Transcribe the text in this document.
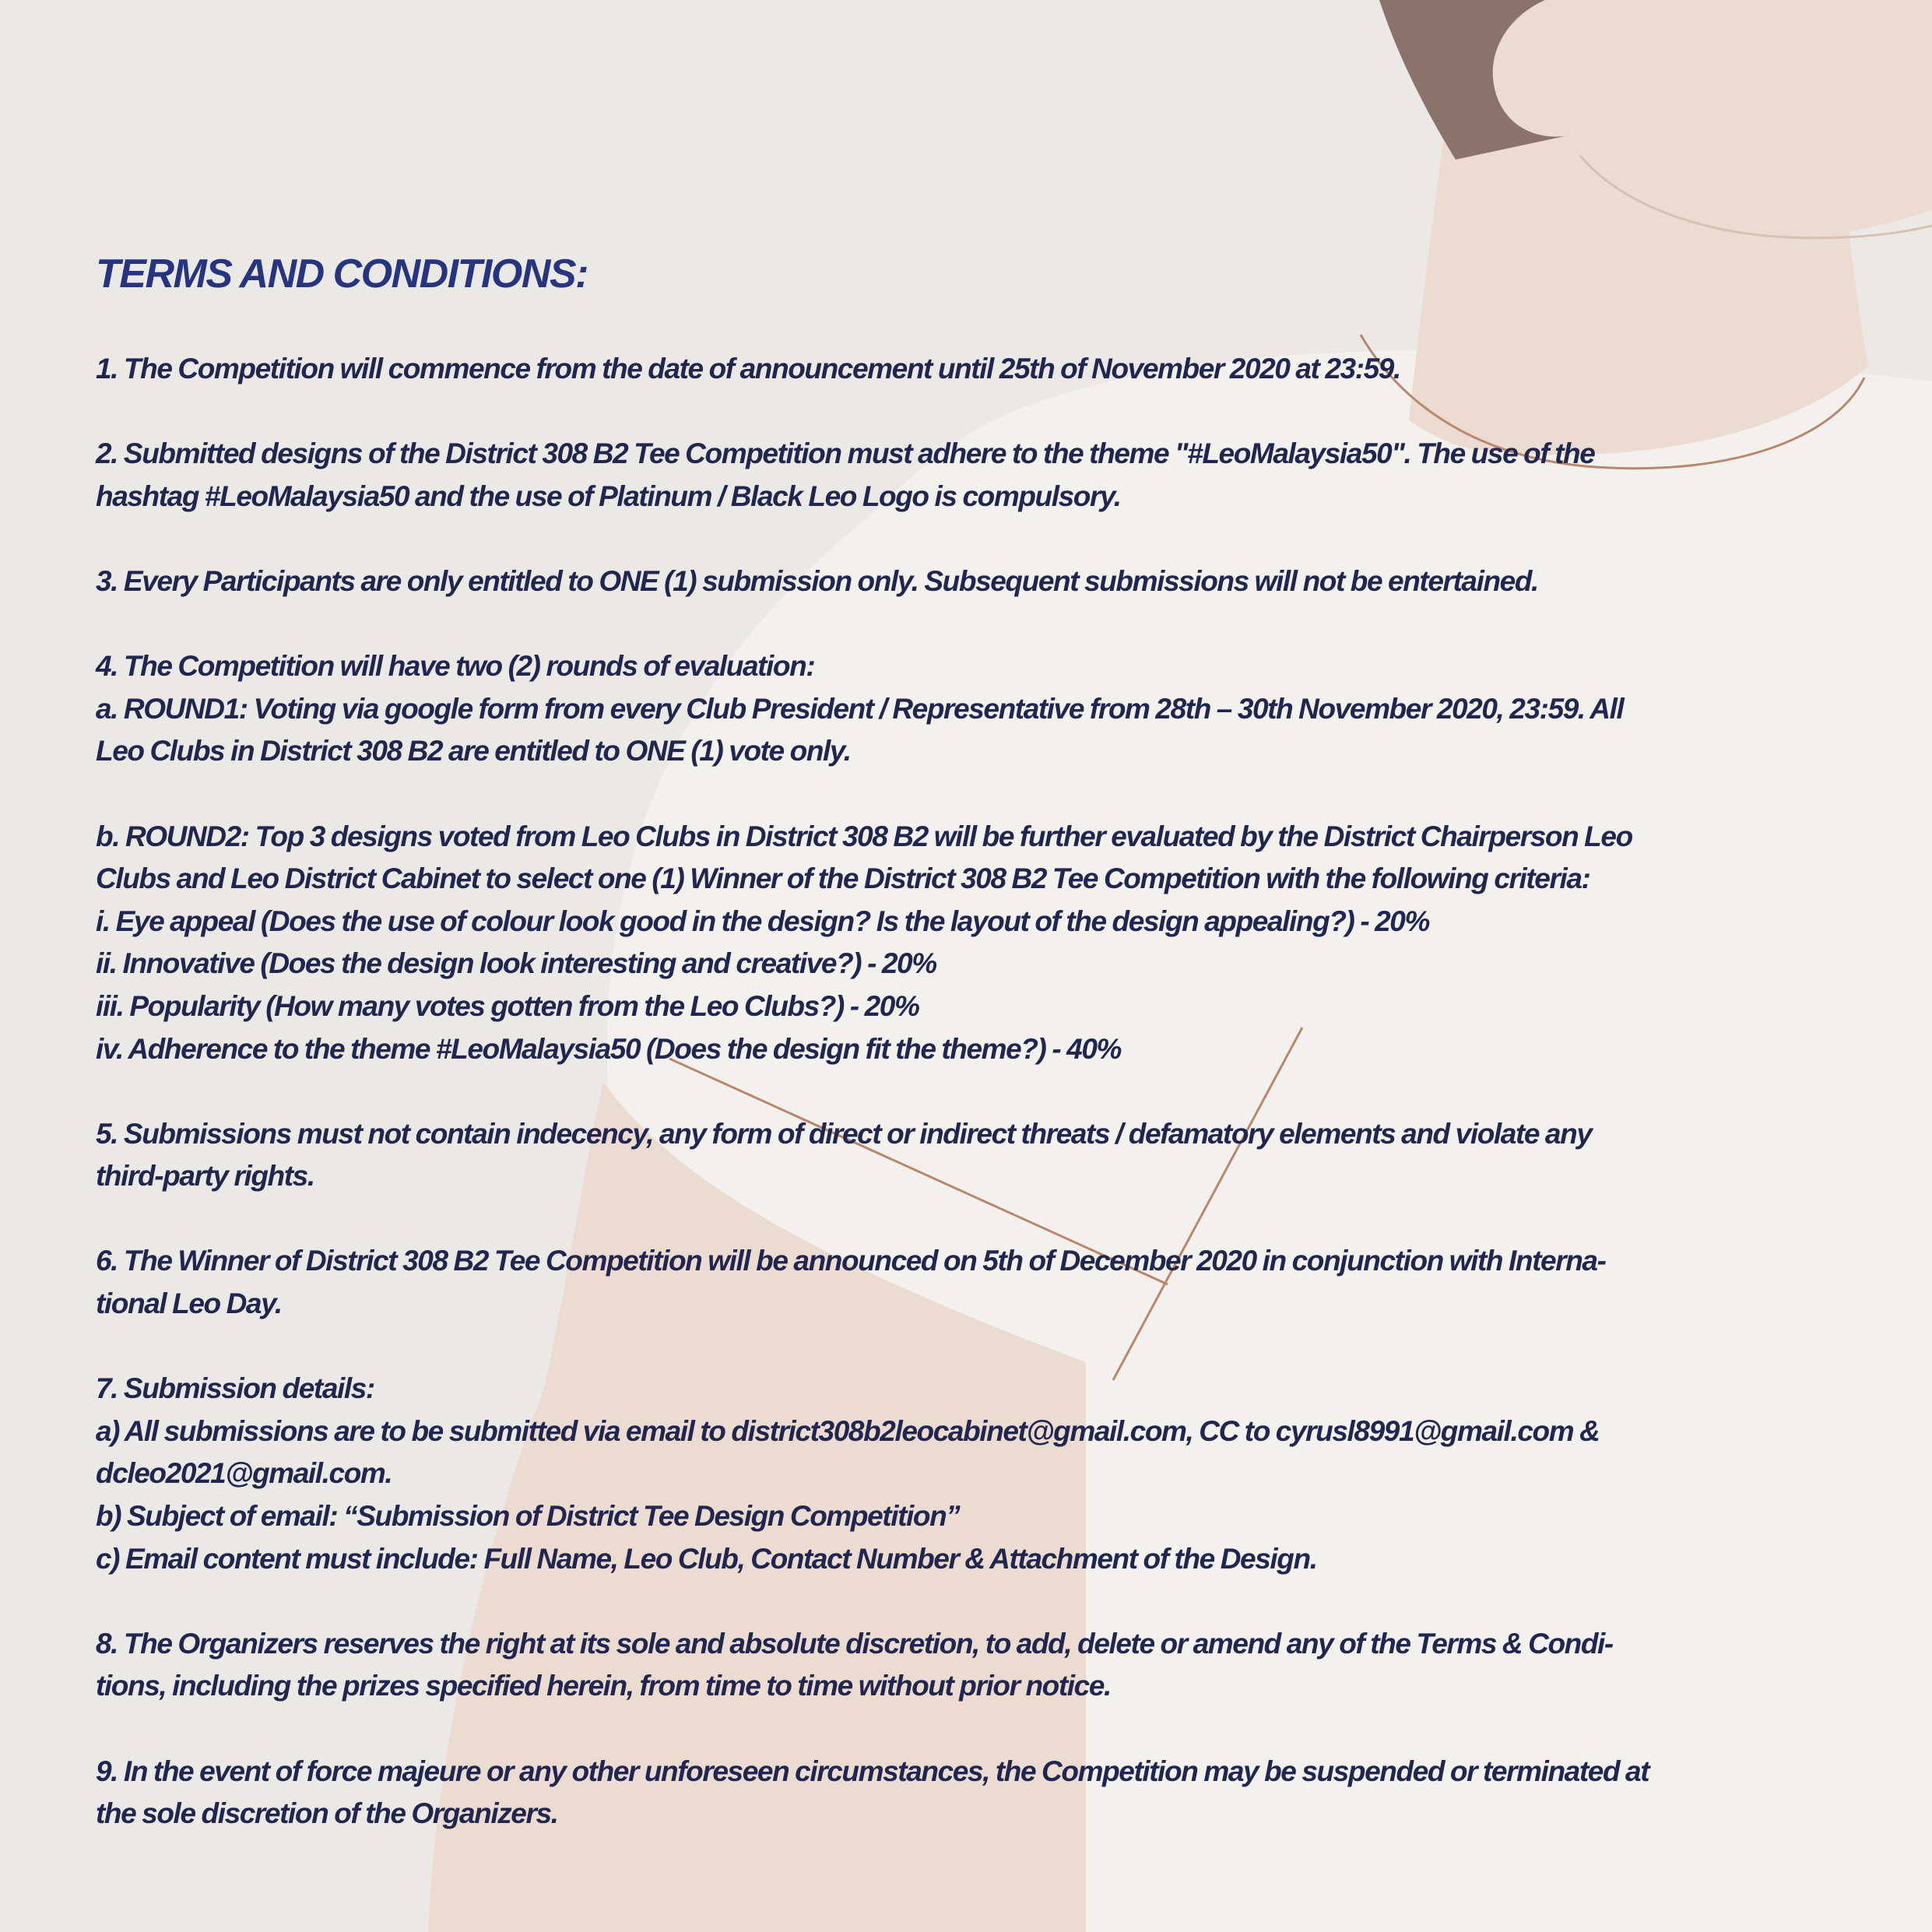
TERMS AND CONDITIONS:
1. The Competition will commence from the date of announcement until 25th of November 2020 at 23:59.
2. Submitted designs of the District 308 B2 Tee Competition must adhere to the theme "#LeoMalaysia50". The use of the
hashtag #LeoMalaysia50 and the use of Platinum / Black Leo Logo is compulsory.
3. Every Participants are only entitled to ONE (1) submission only. Subsequent submissions will not be entertained.
4. The Competition will have two (2) rounds of evaluation:
a. ROUND1: Voting via google form from every Club President / Representative from 28th – 30th November 2020, 23:59. All
Leo Clubs in District 308 B2 are entitled to ONE (1) vote only.
b. ROUND2: Top 3 designs voted from Leo Clubs in District 308 B2 will be further evaluated by the District Chairperson Leo
Clubs and Leo District Cabinet to select one (1) Winner of the District 308 B2 Tee Competition with the following criteria:
i. Eye appeal (Does the use of colour look good in the design? Is the layout of the design appealing?) - 20%
ii. Innovative (Does the design look interesting and creative?) - 20%
iii. Popularity (How many votes gotten from the Leo Clubs?) - 20%
iv. Adherence to the theme #LeoMalaysia50 (Does the design fit the theme?) - 40%
5. Submissions must not contain indecency, any form of direct or indirect threats / defamatory elements and violate any
third-party rights.
6. The Winner of District 308 B2 Tee Competition will be announced on 5th of December 2020 in conjunction with Interna-
tional Leo Day.
7. Submission details:
a) All submissions are to be submitted via email to district308b2leocabinet@gmail.com, CC to cyrusl8991@gmail.com &
dcleo2021@gmail.com.
b) Subject of email: “Submission of District Tee Design Competition”
c) Email content must include: Full Name, Leo Club, Contact Number & Attachment of the Design.
8. The Organizers reserves the right at its sole and absolute discretion, to add, delete or amend any of the Terms & Condi-
tions, including the prizes specified herein, from time to time without prior notice.
9. In the event of force majeure or any other unforeseen circumstances, the Competition may be suspended or terminated at
the sole discretion of the Organizers.
